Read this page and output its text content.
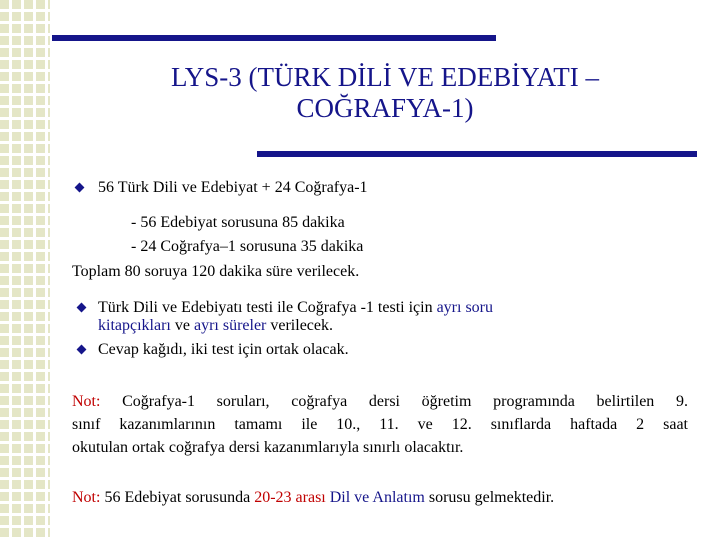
LYS-3 (TÜRK DİLİ VE EDEBİYATI –
COĞRAFYA-1)
56 Türk Dili ve Edebiyat + 24 Coğrafya-1
- 56 Edebiyat sorusuna 85 dakika
- 24 Coğrafya–1 sorusuna 35 dakika
Toplam 80 soruya 120 dakika süre verilecek.
Türk Dili ve Edebiyatı testi ile Coğrafya -1 testi için ayrı soru
kitapçıkları ve ayrı süreler verilecek.
Cevap kağıdı, iki test için ortak olacak.
Not: Coğrafya-1 soruları, coğrafya dersi öğretim programında belirtilen 9.
sınıf kazanımlarının tamamı ile 10., 11. ve 12. sınıflarda haftada 2 saat
okutulan ortak coğrafya dersi kazanımlarıyla sınırlı olacaktır.
Not: 56 Edebiyat sorusunda 20-23 arası Dil ve Anlatım sorusu gelmektedir.
